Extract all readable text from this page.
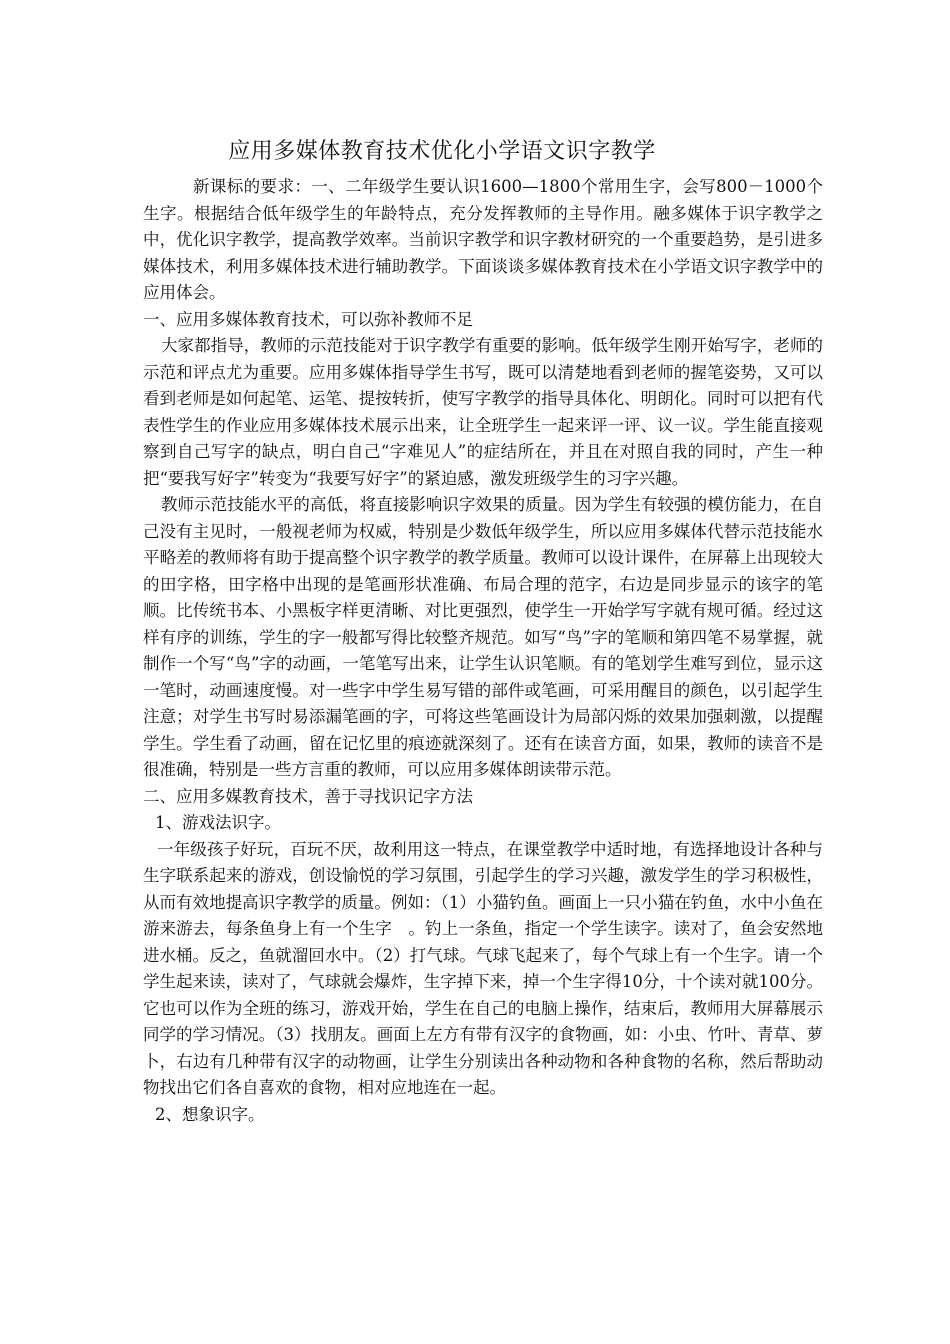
应用多媒体教育技术优化小学语文识字教学

新课标的要求：一、二年级学生要认识1600—1800个常用生字，会写800－1000个生字。根据结合低年级学生的年龄特点，充分发挥教师的主导作用。融多媒体于识字教学之中，优化识字教学，提高教学效率。当前识字教学和识字教材研究的一个重要趋势，是引进多媒体技术，利用多媒体技术进行辅助教学。下面谈谈多媒体教育技术在小学语文识字教学中的应用体会。

一、应用多媒体教育技术，可以弥补教师不足

大家都指导，教师的示范技能对于识字教学有重要的影响。低年级学生刚开始写字，老师的示范和评点尤为重要。应用多媒体指导学生书写，既可以清楚地看到老师的握笔姿势，又可以看到老师是如何起笔、运笔、提按转折，使写字教学的指导具体化、明朗化。同时可以把有代表性学生的作业应用多媒体技术展示出来，让全班学生一起来评一评、议一议。学生能直接观察到自己写字的缺点，明白自己“字难见人”的症结所在，并且在对照自我的同时，产生一种把“要我写好字”转变为“我要写好字”的紧迫感，激发班级学生的习字兴趣。

教师示范技能水平的高低，将直接影响识字效果的质量。因为学生有较强的模仿能力，在自己没有主见时，一般视老师为权威，特别是少数低年级学生，所以应用多媒体代替示范技能水平略差的教师将有助于提高整个识字教学的教学质量。教师可以设计课件，在屏幕上出现较大的田字格，田字格中出现的是笔画形状准确、布局合理的范字，右边是同步显示的该字的笔顺。比传统书本、小黑板字样更清晰、对比更强烈，使学生一开始学写字就有规可循。经过这样有序的训练，学生的字一般都写得比较整齐规范。如写“鸟”字的笔顺和第四笔不易掌握，就制作一个写“鸟”字的动画，一笔笔写出来，让学生认识笔顺。有的笔划学生难写到位，显示这一笔时，动画速度慢。对一些字中学生易写错的部件或笔画，可采用醒目的颜色，以引起学生注意；对学生书写时易添漏笔画的字，可将这些笔画设计为局部闪烁的效果加强刺激，以提醒学生。学生看了动画，留在记忆里的痕迹就深刻了。还有在读音方面，如果，教师的读音不是很准确，特别是一些方言重的教师，可以应用多媒体朗读带示范。

二、应用多媒教育技术，善于寻找识记字方法

1、游戏法识字。

一年级孩子好玩，百玩不厌，故利用这一特点，在课堂教学中适时地，有选择地设计各种与生字联系起来的游戏，创设愉悦的学习氛围，引起学生的学习兴趣，激发学生的学习积极性，从而有效地提高识字教学的质量。例如：（1）小猫钓鱼。画面上一只小猫在钓鱼，水中小鱼在游来游去，每条鱼身上有一个生字　。钓上一条鱼，指定一个学生读字。读对了，鱼会安然地进水桶。反之，鱼就溜回水中。（2）打气球。气球飞起来了，每个气球上有一个生字。请一个学生起来读，读对了，气球就会爆炸，生字掉下来，掉一个生字得10分，十个读对就100分。它也可以作为全班的练习，游戏开始，学生在自己的电脑上操作，结束后，教师用大屏幕展示同学的学习情况。（3）找朋友。画面上左方有带有汉字的食物画，如：小虫、竹叶、青草、萝卜，右边有几种带有汉字的动物画，让学生分别读出各种动物和各种食物的名称，然后帮助动物找出它们各自喜欢的食物，相对应地连在一起。

2、想象识字。
